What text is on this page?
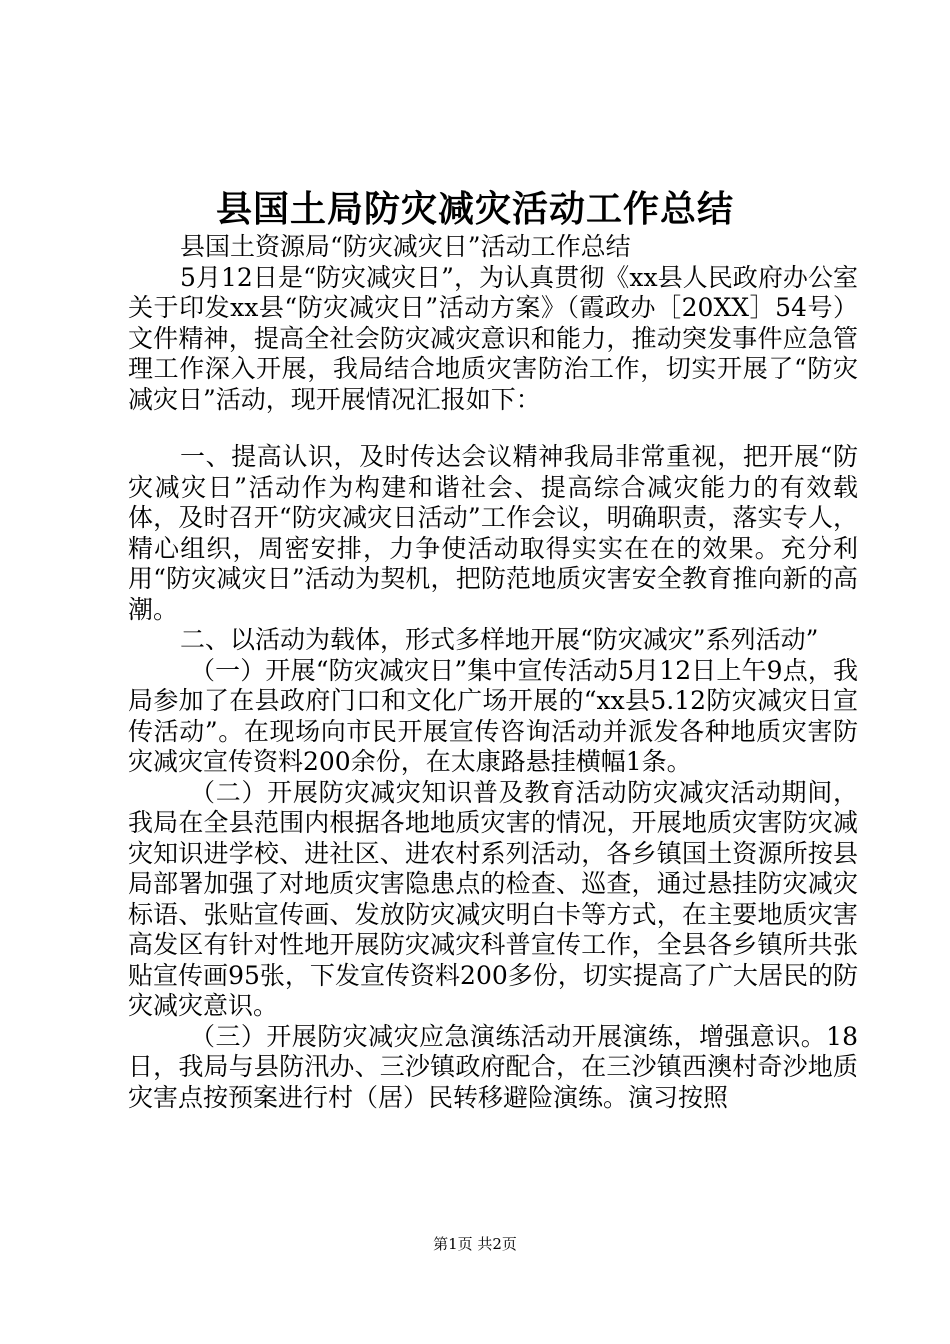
县国土局防灾减灾活动工作总结

县国土资源局“防灾减灾日”活动工作总结

5月12日是“防灾减灾日”，为认真贯彻《xx县人民政府办公室关于印发xx县“防灾减灾日”活动方案》（霞政办［20XX］54号）文件精神，提高全社会防灾减灾意识和能力，推动突发事件应急管理工作深入开展，我局结合地质灾害防治工作，切实开展了“防灾减灾日”活动，现开展情况汇报如下：

一、提高认识，及时传达会议精神我局非常重视，把开展“防灾减灾日”活动作为构建和谐社会、提高综合减灾能力的有效载体，及时召开“防灾减灾日活动”工作会议，明确职责，落实专人，精心组织，周密安排，力争使活动取得实实在在的效果。充分利用“防灾减灾日”活动为契机，把防范地质灾害安全教育推向新的高潮。

二、以活动为载体，形式多样地开展“防灾减灾”系列活动”

（一）开展“防灾减灾日”集中宣传活动5月12日上午9点，我局参加了在县政府门口和文化广场开展的“xx县5.12防灾减灾日宣传活动”。在现场向市民开展宣传咨询活动并派发各种地质灾害防灾减灾宣传资料200余份，在太康路悬挂横幅1条。

（二）开展防灾减灾知识普及教育活动防灾减灾活动期间，我局在全县范围内根据各地地质灾害的情况，开展地质灾害防灾减灾知识进学校、进社区、进农村系列活动，各乡镇国土资源所按县局部署加强了对地质灾害隐患点的检查、巡查，通过悬挂防灾减灾标语、张贴宣传画、发放防灾减灾明白卡等方式，在主要地质灾害高发区有针对性地开展防灾减灾科普宣传工作，全县各乡镇所共张贴宣传画95张，下发宣传资料200多份，切实提高了广大居民的防灾减灾意识。

（三）开展防灾减灾应急演练活动开展演练，增强意识。18日，我局与县防汛办、三沙镇政府配合，在三沙镇西澳村奇沙地质灾害点按预案进行村（居）民转移避险演练。演习按照

第1页 共2页
